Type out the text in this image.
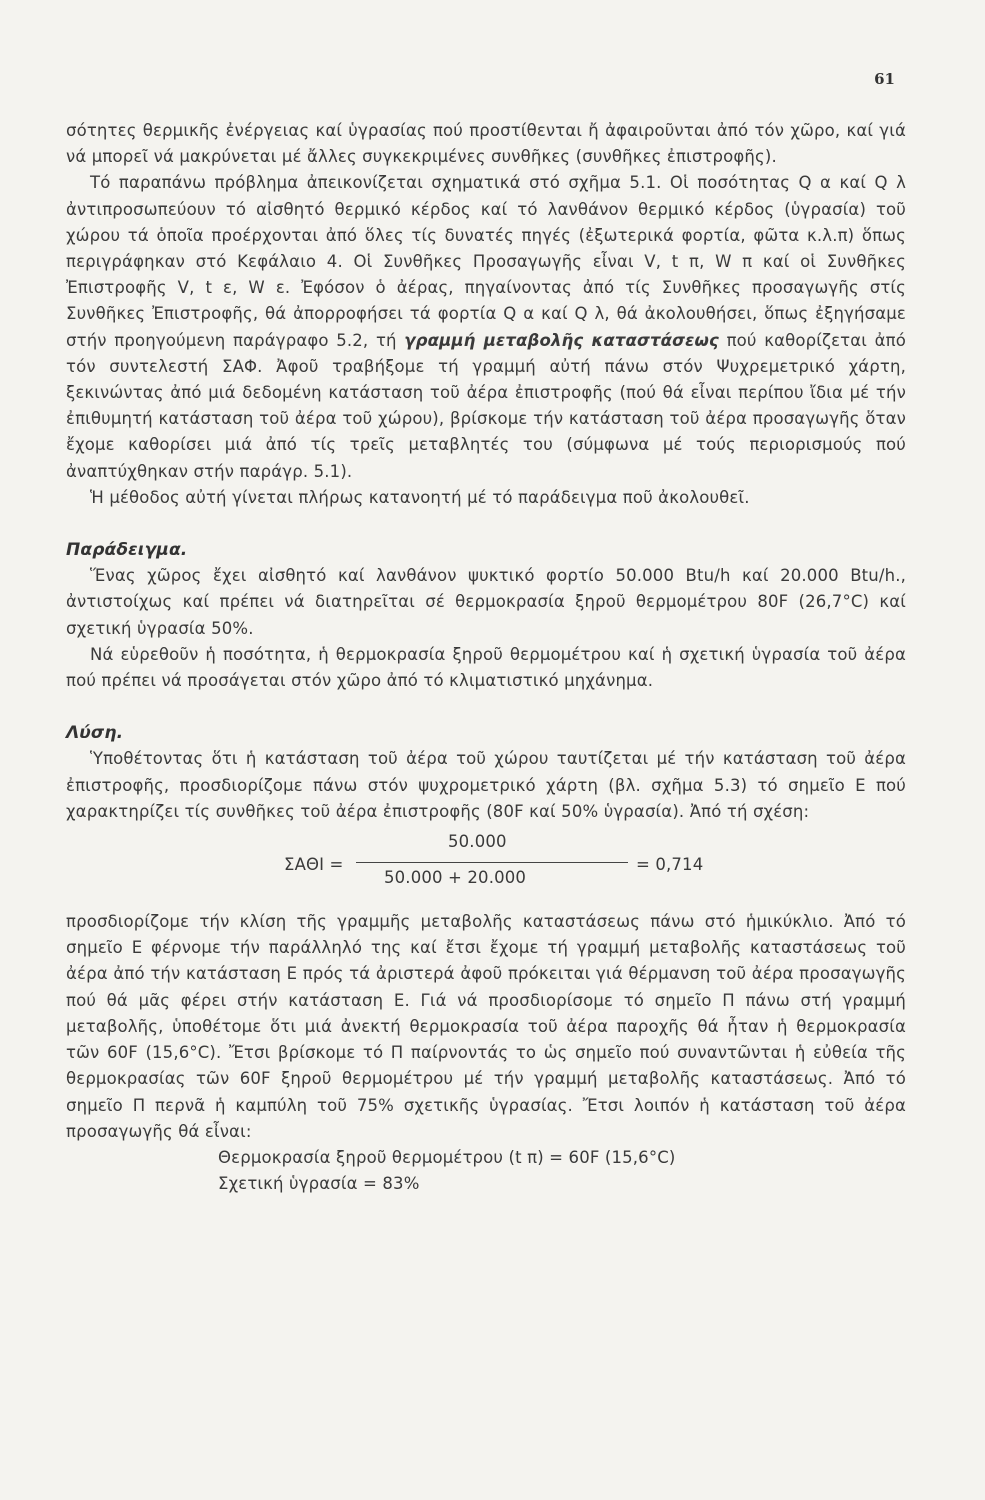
61

σότητες θερμικῆς ἐνέργειας καί ὑγρασίας πού προστίθενται ἤ ἀφαιροῦνται ἀπό τόν χῶρο, καί γιά νά μπορεῖ νά μακρύνεται μέ ἄλλες συγκεκριμένες συνθῆκες (συνθῆκες ἐπιστροφῆς).

Τό παραπάνω πρόβλημα ἀπεικονίζεται σχηματικά στό σχῆμα 5.1. Οἱ ποσότητας Q α καί Q λ ἀντιπροσωπεύουν τό αἰσθητό θερμικό κέρδος καί τό λανθάνον θερμικό κέρδος (ὑγρασία) τοῦ χώρου τά ὁποῖα προέρχονται ἀπό ὅλες τίς δυνατές πηγές (ἐξωτερικά φορτία, φῶτα κ.λ.π) ὅπως περιγράφηκαν στό Κεφάλαιο 4. Οἱ Συνθῆκες Προσαγωγῆς εἶναι V, t π, W π καί οἱ Συνθῆκες Ἐπιστροφῆς V, t ε, W ε. Ἐφόσον ὁ ἀέρας, πηγαίνοντας ἀπό τίς Συνθῆκες προσαγωγῆς στίς Συνθῆκες Ἐπιστροφῆς, θά ἀπορροφήσει τά φορτία Q α καί Q λ, θά ἀκολουθήσει, ὅπως ἐξηγήσαμε στήν προηγούμενη παράγραφο 5.2, τή γραμμή μεταβολῆς καταστάσεως πού καθορίζεται ἀπό τόν συντελεστή ΣΑΦ. Ἀφοῦ τραβήξομε τή γραμμή αὐτή πάνω στόν Ψυχρεμετρικό χάρτη, ξεκινώντας ἀπό μιά δεδομένη κατάσταση τοῦ ἀέρα ἐπιστροφῆς (πού θά εἶναι περίπου ἴδια μέ τήν ἐπιθυμητή κατάσταση τοῦ ἀέρα τοῦ χώρου), βρίσκομε τήν κατάσταση τοῦ ἀέρα προσαγωγῆς ὅταν ἔχομε καθορίσει μιά ἀπό τίς τρεῖς μεταβλητές του (σύμφωνα μέ τούς περιορισμούς πού ἀναπτύχθηκαν στήν παράγρ. 5.1).

Ἡ μέθοδος αὐτή γίνεται πλήρως κατανοητή μέ τό παράδειγμα ποῦ ἀκολουθεῖ.

Παράδειγμα.

Ἕνας χῶρος ἔχει αἰσθητό καί λανθάνον ψυκτικό φορτίο 50.000 Btu/h καί 20.000 Btu/h., ἀντιστοίχως καί πρέπει νά διατηρεῖται σέ θερμοκρασία ξηροῦ θερμομέτρου 80F (26,7°C) καί σχετική ὑγρασία 50%.

Νά εὑρεθοῦν ἡ ποσότητα, ἡ θερμοκρασία ξηροῦ θερμομέτρου καί ἡ σχετική ὑγρασία τοῦ ἀέρα πού πρέπει νά προσάγεται στόν χῶρο ἀπό τό κλιματιστικό μηχάνημα.

Λύση.

Ὑποθέτοντας ὅτι ἡ κατάσταση τοῦ ἀέρα τοῦ χώρου ταυτίζεται μέ τήν κατάσταση τοῦ ἀέρα ἐπιστροφῆς, προσδιορίζομε πάνω στόν ψυχρομετρικό χάρτη (βλ. σχῆμα 5.3) τό σημεῖο Ε πού χαρακτηρίζει τίς συνθῆκες τοῦ ἀέρα ἐπιστροφῆς (80F καί 50% ὑγρασία). Ἀπό τή σχέση:

ΣΑΘΙ =
50.000
50.000 + 20.000
= 0,714

προσδιορίζομε τήν κλίση τῆς γραμμῆς μεταβολῆς καταστάσεως πάνω στό ἡμικύκλιο. Ἀπό τό σημεῖο Ε φέρνομε τήν παράλληλό της καί ἔτσι ἔχομε τή γραμμή μεταβολῆς καταστάσεως τοῦ ἀέρα ἀπό τήν κατάσταση Ε πρός τά ἀριστερά ἀφοῦ πρόκειται γιά θέρμανση τοῦ ἀέρα προσαγωγῆς πού θά μᾶς φέρει στήν κατάσταση Ε. Γιά νά προσδιορίσομε τό σημεῖο Π πάνω στή γραμμή μεταβολῆς, ὑποθέτομε ὅτι μιά ἀνεκτή θερμοκρασία τοῦ ἀέρα παροχῆς θά ἦταν ἡ θερμοκρασία τῶν 60F (15,6°C). Ἔτσι βρίσκομε τό Π παίρνοντάς το ὡς σημεῖο πού συναντῶνται ἡ εὐθεία τῆς θερμοκρασίας τῶν 60F ξηροῦ θερμομέτρου μέ τήν γραμμή μεταβολῆς καταστάσεως. Ἀπό τό σημεῖο Π περνᾶ ἡ καμπύλη τοῦ 75% σχετικῆς ὑγρασίας. Ἔτσι λοιπόν ἡ κατάσταση τοῦ ἀέρα προσαγωγῆς θά εἶναι:

Θερμοκρασία ξηροῦ θερμομέτρου (t π) = 60F (15,6°C)

Σχετική ὑγρασία = 83%
